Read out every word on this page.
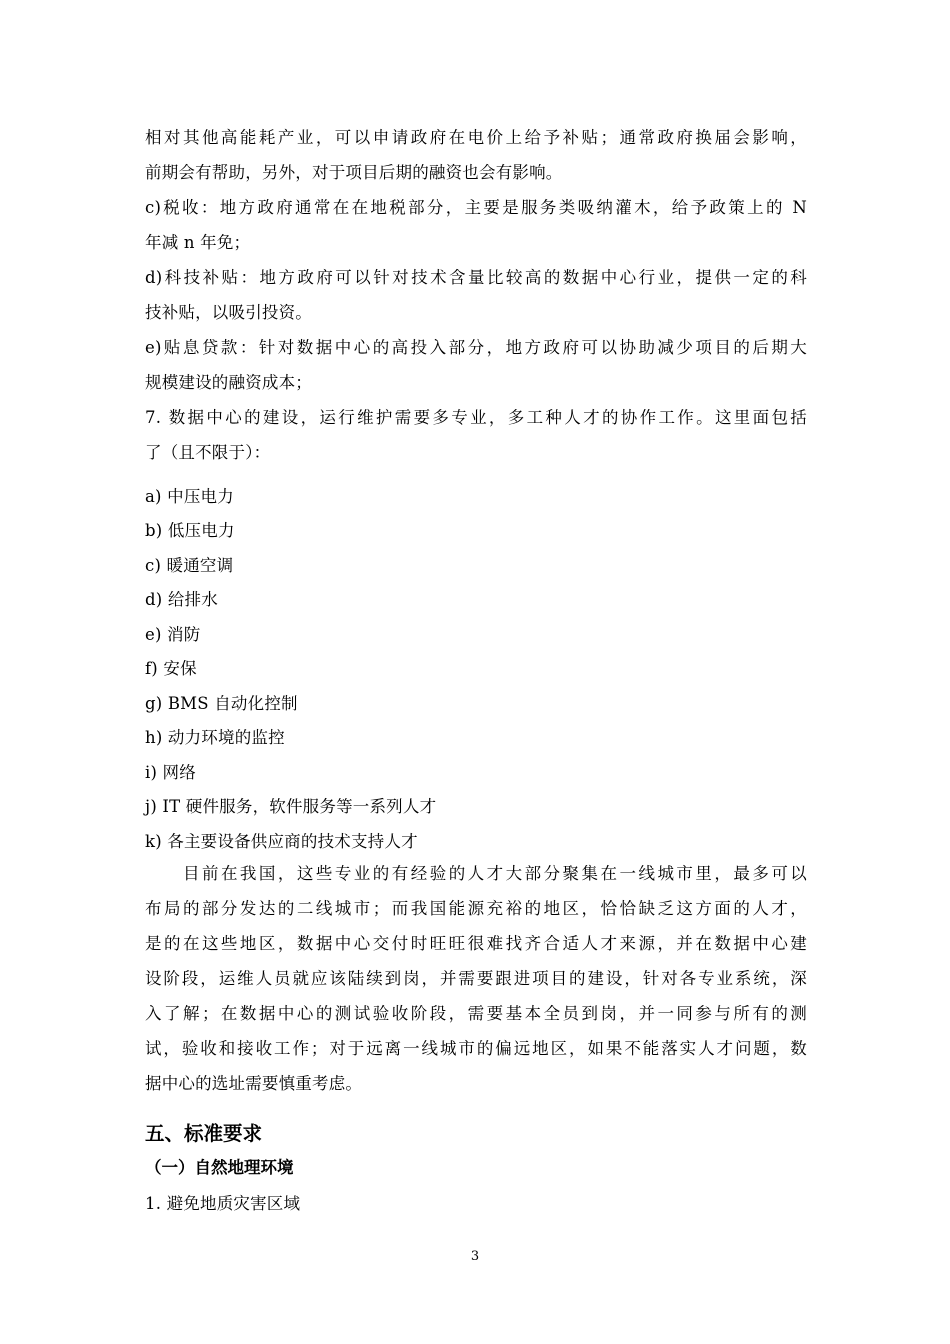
相对其他高能耗产业，可以申请政府在电价上给予补贴；通常政府换届会影响，
前期会有帮助，另外，对于项目后期的融资也会有影响。
c)税收：地方政府通常在在地税部分，主要是服务类吸纳灌木，给予政策上的 N
年减 n 年免；
d)科技补贴：地方政府可以针对技术含量比较高的数据中心行业，提供一定的科
技补贴，以吸引投资。
e)贴息贷款：针对数据中心的高投入部分，地方政府可以协助减少项目的后期大
规模建设的融资成本；
7. 数据中心的建设，运行维护需要多专业，多工种人才的协作工作。这里面包括
了（且不限于）：
a) 中压电力
b) 低压电力
c) 暖通空调
d) 给排水
e) 消防
f) 安保
g) BMS 自动化控制
h) 动力环境的监控
i) 网络
j) IT 硬件服务，软件服务等一系列人才
k) 各主要设备供应商的技术支持人才
目前在我国，这些专业的有经验的人才大部分聚集在一线城市里，最多可以
布局的部分发达的二线城市；而我国能源充裕的地区，恰恰缺乏这方面的人才，
是的在这些地区，数据中心交付时旺旺很难找齐合适人才来源，并在数据中心建
设阶段，运维人员就应该陆续到岗，并需要跟进项目的建设，针对各专业系统，深
入了解；在数据中心的测试验收阶段，需要基本全员到岗，并一同参与所有的测
试，验收和接收工作；对于远离一线城市的偏远地区，如果不能落实人才问题，数
据中心的选址需要慎重考虑。
五、标准要求
（一）自然地理环境
1. 避免地质灾害区域
3
